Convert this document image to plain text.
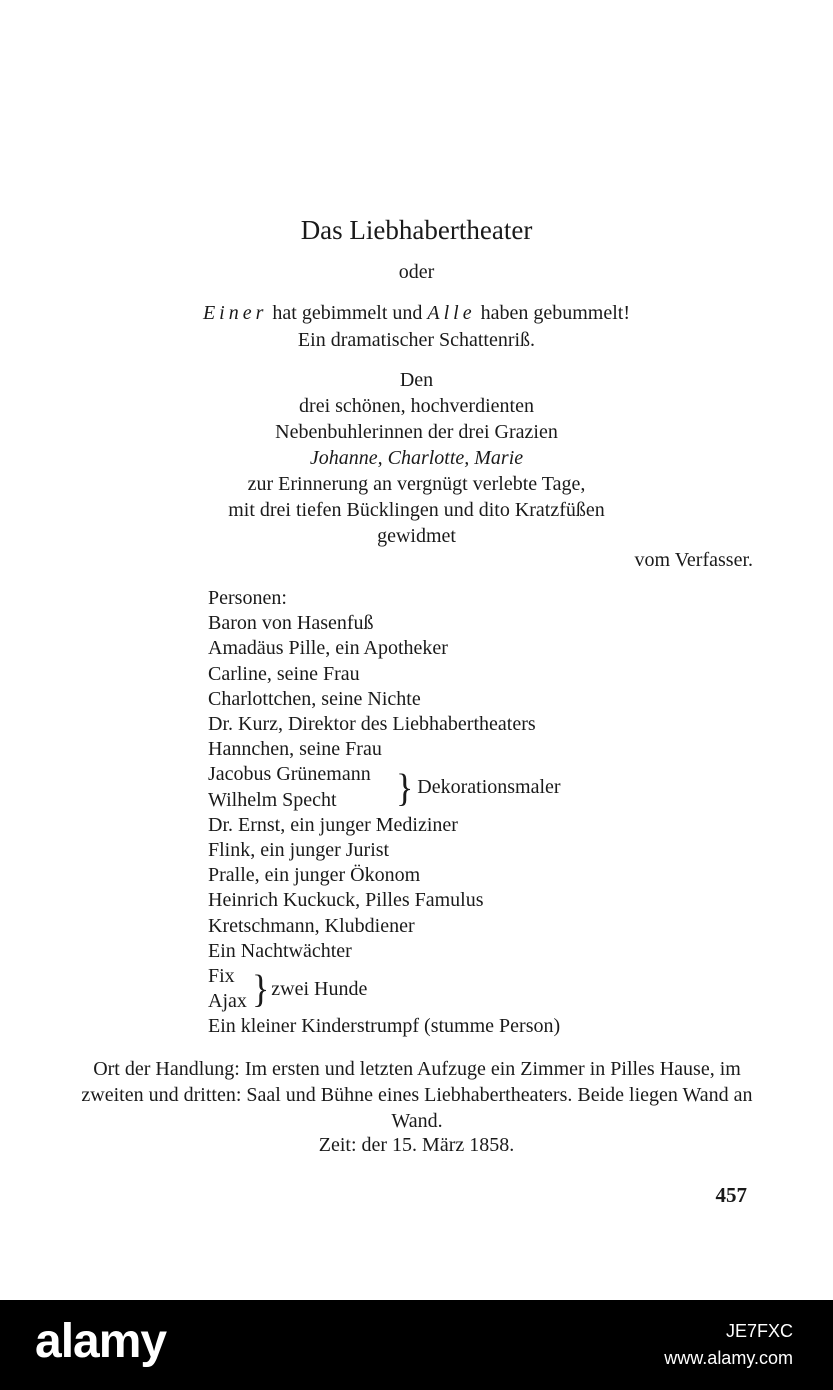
Das Liebhabertheater
oder
Einer hat gebimmelt und Alle haben gebummelt!
Ein dramatischer Schattenriß.
Den
drei schönen, hochverdienten
Nebenbuhlerinnen der drei Grazien
Johanne, Charlotte, Marie
zur Erinnerung an vergnügt verlebte Tage,
mit drei tiefen Bücklingen und dito Kratzfüßen
gewidmet
vom Verfasser.
Personen:
Baron von Hasenfuß
Amadäus Pille, ein Apotheker
Carline, seine Frau
Charlottchen, seine Nichte
Dr. Kurz, Direktor des Liebhabertheaters
Hannchen, seine Frau
Jacobus Grünemann
Wilhelm Specht	} Dekorationsmaler
Dr. Ernst, ein junger Mediziner
Flink, ein junger Jurist
Pralle, ein junger Ökonom
Heinrich Kuckuck, Pilles Famulus
Kretschmann, Klubdiener
Ein Nachtwächter
Fix
Ajax } zwei Hunde
Ein kleiner Kinderstrumpf (stumme Person)
Ort der Handlung: Im ersten und letzten Aufzuge ein Zimmer in Pilles Hause, im zweiten und dritten: Saal und Bühne eines Liebhabertheaters. Beide liegen Wand an Wand.
Zeit: der 15. März 1858.
457
alamy	JE7FXC
www.alamy.com
